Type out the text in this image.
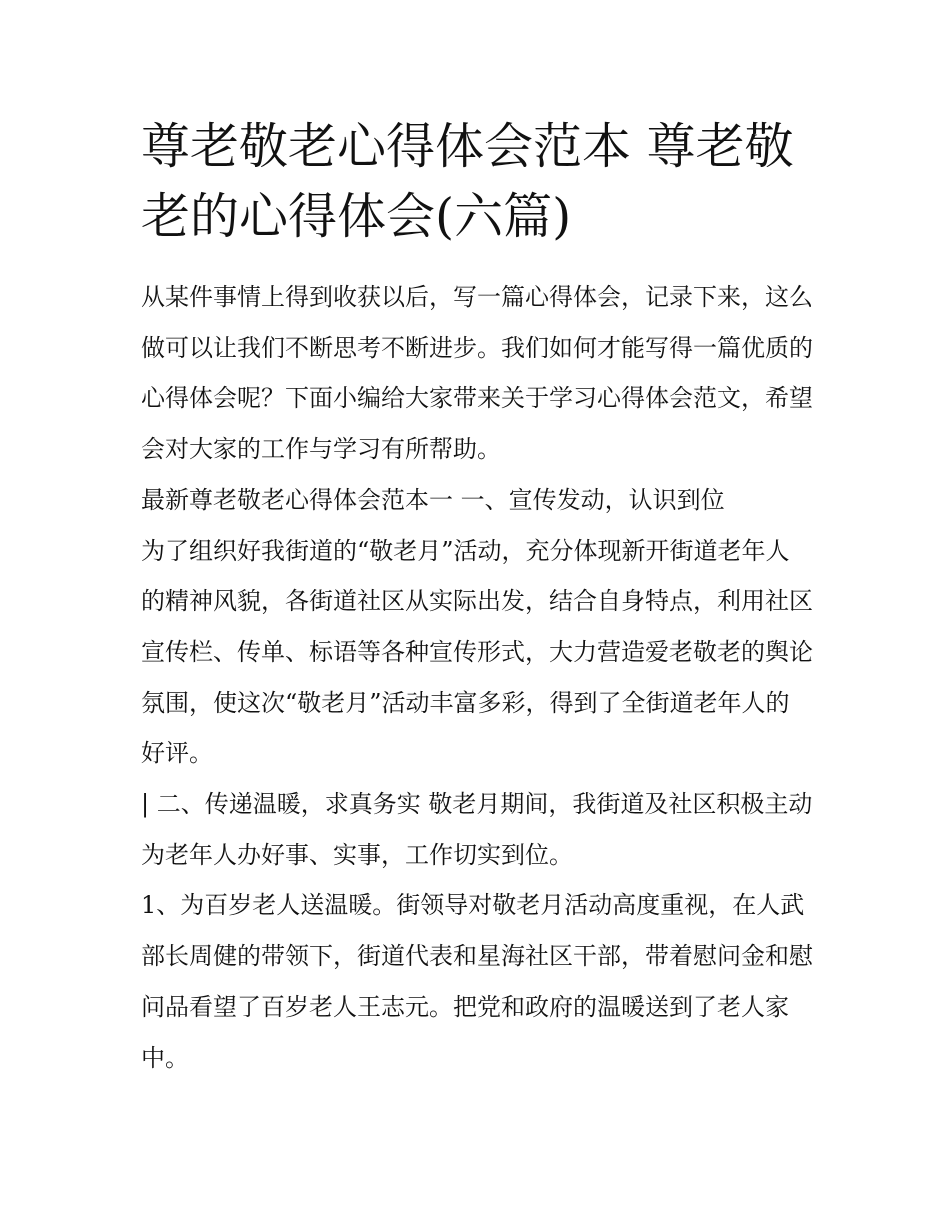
尊老敬老心得体会范本 尊老敬老的心得体会(六篇)

从某件事情上得到收获以后，写一篇心得体会，记录下来，这么做可以让我们不断思考不断进步。我们如何才能写得一篇优质的心得体会呢？下面小编给大家带来关于学习心得体会范文，希望会对大家的工作与学习有所帮助。

最新尊老敬老心得体会范本一 一、宣传发动，认识到位

为了组织好我街道的“敬老月”活动，充分体现新开街道老年人的精神风貌，各街道社区从实际出发，结合自身特点，利用社区宣传栏、传单、标语等各种宣传形式，大力营造爱老敬老的舆论氛围，使这次“敬老月”活动丰富多彩，得到了全街道老年人的好评。

| 二、传递温暖，求真务实 敬老月期间，我街道及社区积极主动为老年人办好事、实事，工作切实到位。

1、为百岁老人送温暖。街领导对敬老月活动高度重视，在人武部长周健的带领下，街道代表和星海社区干部，带着慰问金和慰问品看望了百岁老人王志元。把党和政府的温暖送到了老人家中。
